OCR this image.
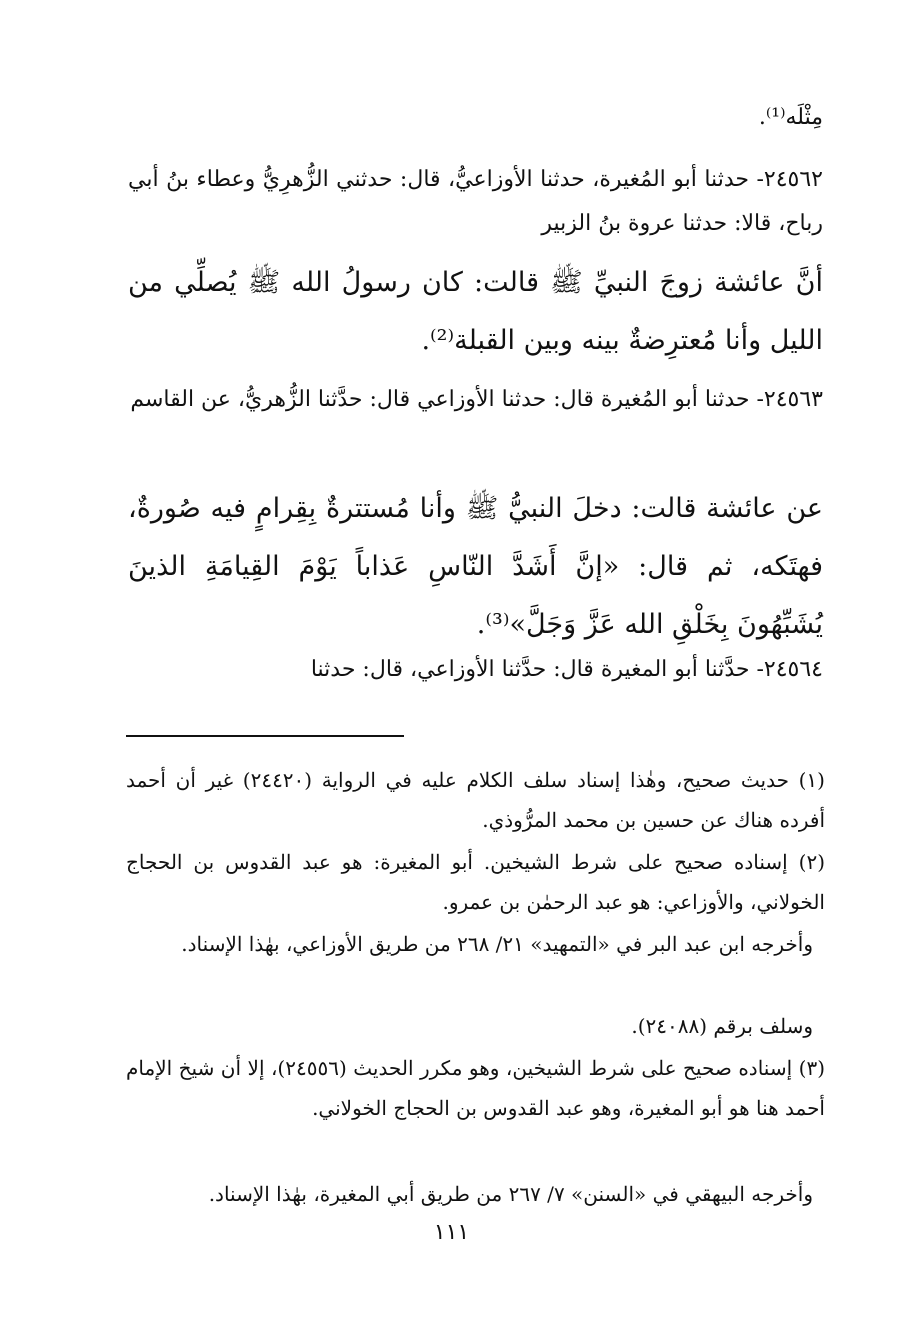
مِثْلَه⁽¹⁾.

٢٤٥٦٢- حدثنا أبو المُغيرة، حدثنا الأوزاعيُّ، قال: حدثني الزُّهرِيُّ وعطاء بنُ أبي رباح، قالا: حدثنا عروة بنُ الزبير

أنَّ عائشة زوجَ النبيِّ ﷺ قالت: كان رسولُ الله ﷺ يُصلِّي من الليل وأنا مُعترِضةٌ بينه وبين القبلة⁽²⁾.

٢٤٥٦٣- حدثنا أبو المُغيرة قال: حدثنا الأوزاعي قال: حدَّثنا الزُّهريُّ، عن القاسم

عن عائشة قالت: دخلَ النبيُّ ﷺ وأنا مُستترةٌ بِقِرامٍ فيه صُورةٌ، فهتَكه، ثم قال: «إنَّ أَشَدَّ النّاسِ عَذاباً يَوْمَ القِيامَةِ الذينَ يُشَبِّهُونَ بِخَلْقِ الله عَزَّ وَجَلَّ»⁽³⁾.

٢٤٥٦٤- حدَّثنا أبو المغيرة قال: حدَّثنا الأوزاعي، قال: حدثنا

(١) حديث صحيح، وهٰذا إسناد سلف الكلام عليه في الرواية (٢٤٤٢٠) غير أن أحمد أفرده هناك عن حسين بن محمد المرُّوذي.

(٢) إسناده صحيح على شرط الشيخين. أبو المغيرة: هو عبد القدوس بن الحجاج الخولاني، والأوزاعي: هو عبد الرحمٰن بن عمرو.

وأخرجه ابن عبد البر في «التمهيد» ٢١/ ٢٦٨ من طريق الأوزاعي، بهٰذا الإسناد.

وسلف برقم (٢٤٠٨٨).

(٣) إسناده صحيح على شرط الشيخين، وهو مكرر الحديث (٢٤٥٥٦)، إلا أن شيخ الإمام أحمد هنا هو أبو المغيرة، وهو عبد القدوس بن الحجاج الخولاني.

وأخرجه البيهقي في «السنن» ٧/ ٢٦٧ من طريق أبي المغيرة، بهٰذا الإسناد.

١١١
